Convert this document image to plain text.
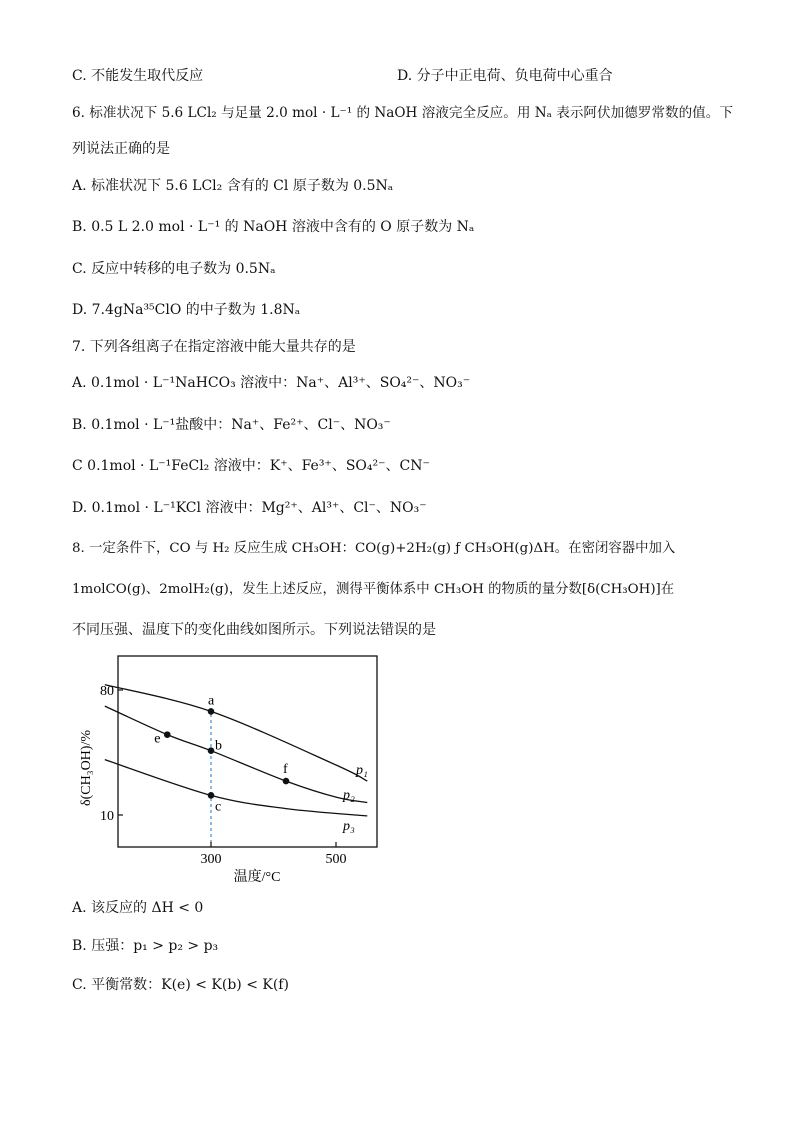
C. 不能发生取代反应	D. 分子中正电荷、负电荷中心重合
6. 标准状况下 5.6 LCl₂ 与足量 2.0 mol · L⁻¹ 的 NaOH 溶液完全反应。用 Nₐ 表示阿伏加德罗常数的值。下
列说法正确的是
A. 标准状况下 5.6 LCl₂ 含有的 Cl 原子数为 0.5Nₐ
B. 0.5 L 2.0 mol · L⁻¹ 的 NaOH 溶液中含有的 O 原子数为 Nₐ
C. 反应中转移的电子数为 0.5Nₐ
D. 7.4gNa³⁵ClO 的中子数为 1.8Nₐ
7. 下列各组离子在指定溶液中能大量共存的是
A. 0.1mol · L⁻¹NaHCO₃ 溶液中：Na⁺、Al³⁺、SO₄²⁻、NO₃⁻
B. 0.1mol · L⁻¹盐酸中：Na⁺、Fe²⁺、Cl⁻、NO₃⁻
C 0.1mol · L⁻¹FeCl₂ 溶液中：K⁺、Fe³⁺、SO₄²⁻、CN⁻
D. 0.1mol · L⁻¹KCl 溶液中：Mg²⁺、Al³⁺、Cl⁻、NO₃⁻
8. 一定条件下，CO 与 H₂ 反应生成 CH₃OH：CO(g)+2H₂(g) ƒ CH₃OH(g)ΔH。在密闭容器中加入
1molCO(g)、2molH₂(g)，发生上述反应，测得平衡体系中 CH₃OH 的物质的量分数[δ(CH₃OH)]在
不同压强、温度下的变化曲线如图所示。下列说法错误的是
a
b
c
e
f
10
80
300	500
δ(CH₃OH)/%
温度/°C
p₁
p₂
p₃
A. 该反应的 ΔH < 0
B. 压强：p₁ > p₂ > p₃
C. 平衡常数：K(e) < K(b) < K(f)
